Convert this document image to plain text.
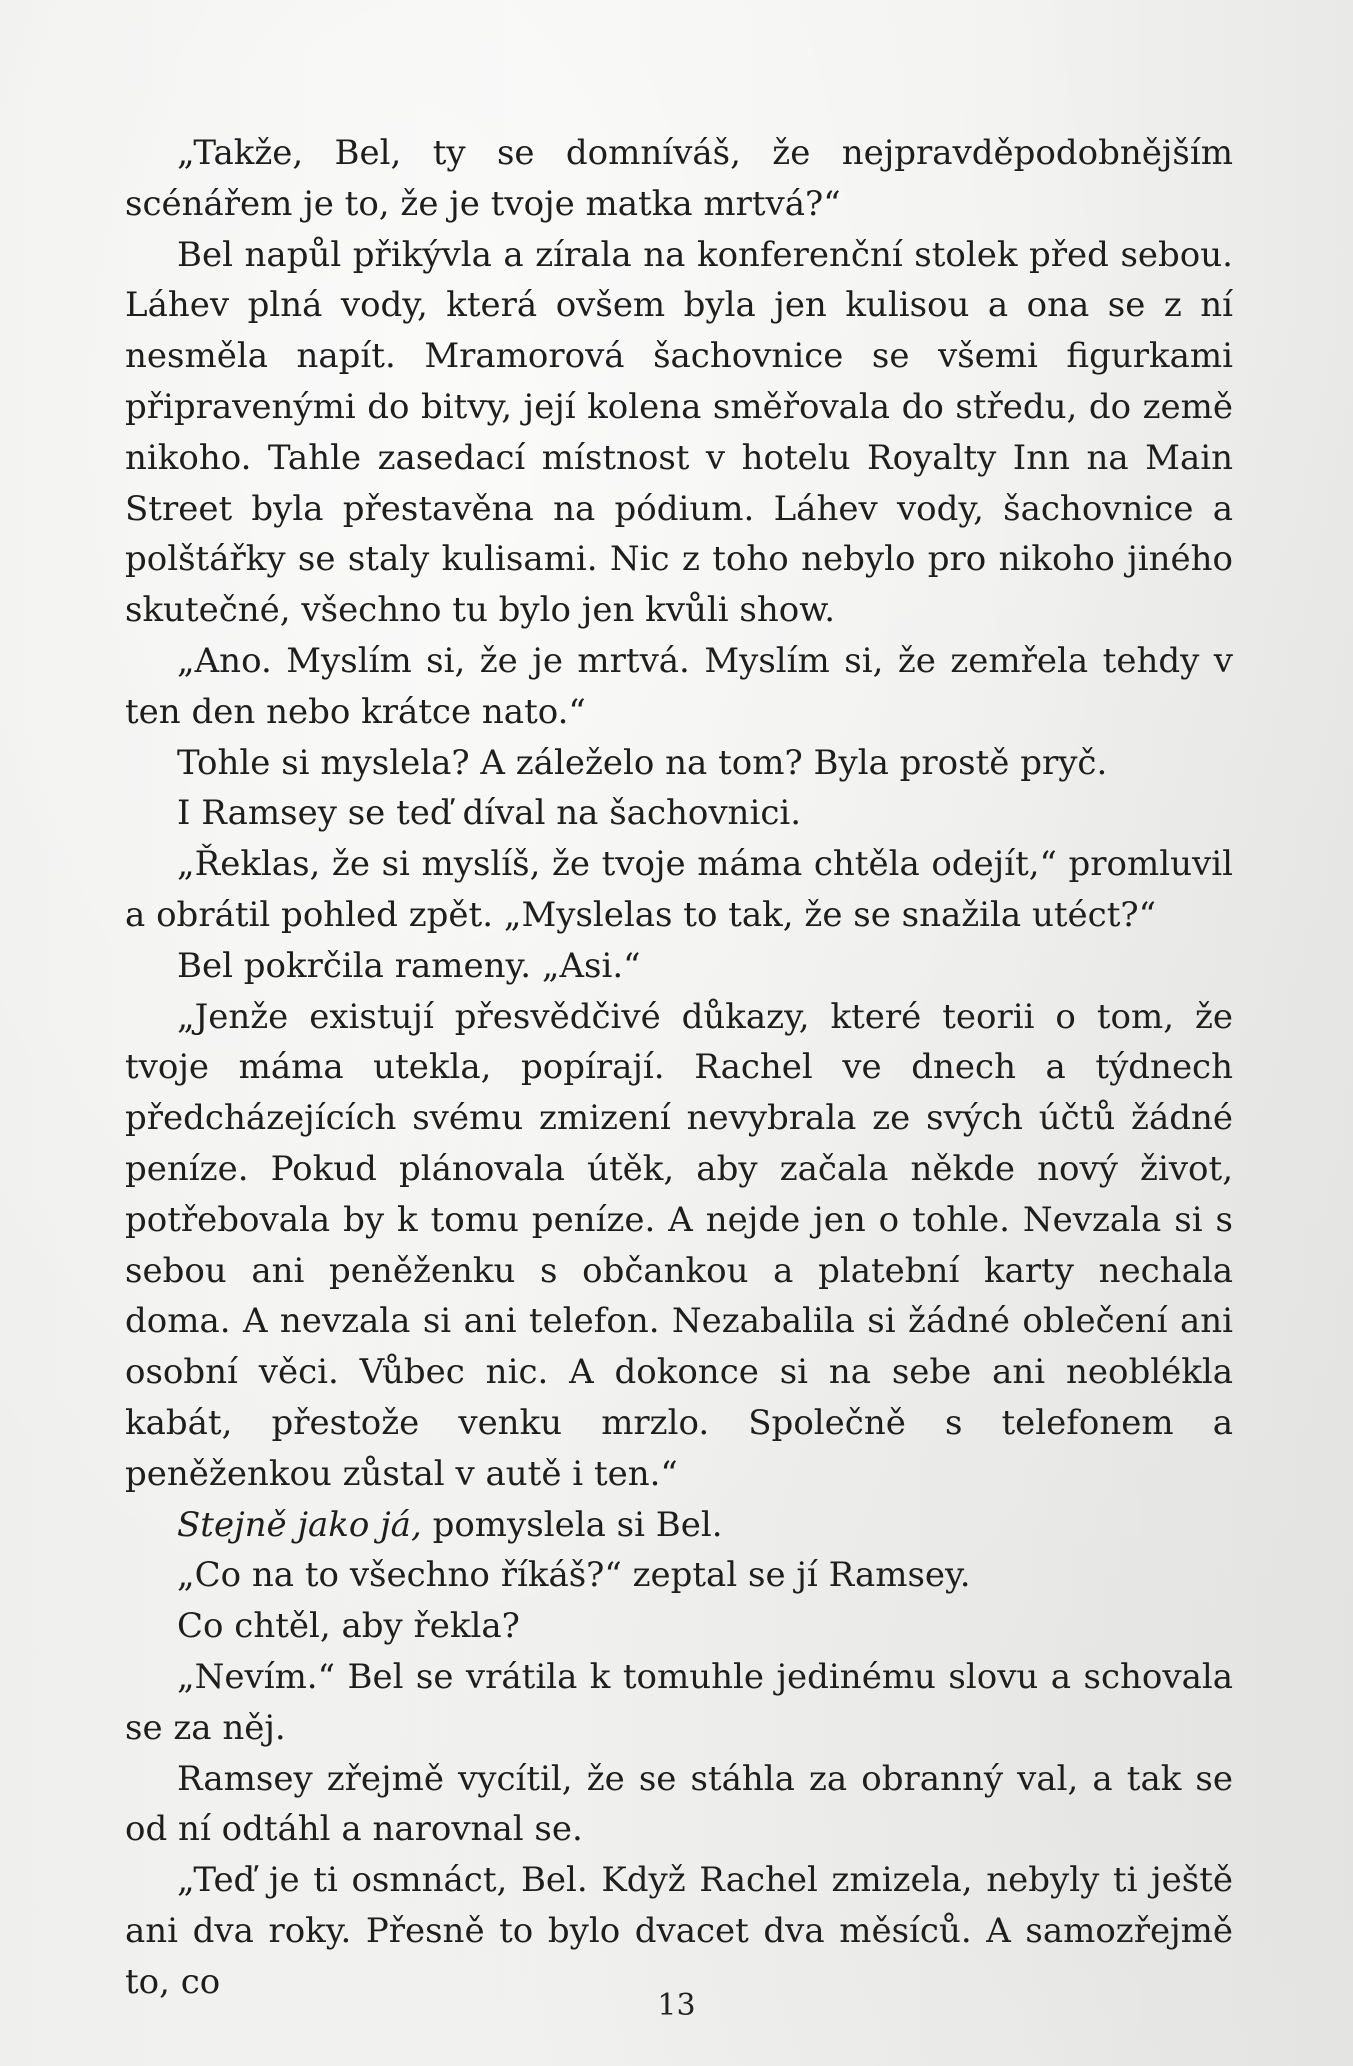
„Takže, Bel, ty se domníváš, že nejpravděpodobnějším scénářem je to, že je tvoje matka mrtvá?“

Bel napůl přikývla a zírala na konferenční stolek před sebou. Láhev plná vody, která ovšem byla jen kulisou a ona se z ní nesměla napít. Mramorová šachovnice se všemi figurkami připravenými do bitvy, její kolena směřovala do středu, do země nikoho. Tahle zasedací místnost v hotelu Royalty Inn na Main Street byla přestavěna na pódium. Láhev vody, šachovnice a polštářky se staly kulisami. Nic z toho nebylo pro nikoho jiného skutečné, všechno tu bylo jen kvůli show.

„Ano. Myslím si, že je mrtvá. Myslím si, že zemřela tehdy v ten den nebo krátce nato.“

Tohle si myslela? A záleželo na tom? Byla prostě pryč.

I Ramsey se teď díval na šachovnici.

„Řeklas, že si myslíš, že tvoje máma chtěla odejít,“ promluvil a obrátil pohled zpět. „Myslelas to tak, že se snažila utéct?“

Bel pokrčila rameny. „Asi.“

„Jenže existují přesvědčivé důkazy, které teorii o tom, že tvoje máma utekla, popírají. Rachel ve dnech a týdnech předcházejících svému zmizení nevybrala ze svých účtů žádné peníze. Pokud plánovala útěk, aby začala někde nový život, potřebovala by k tomu peníze. A nejde jen o tohle. Nevzala si s sebou ani peněženku s občankou a platební karty nechala doma. A nevzala si ani telefon. Nezabalila si žádné oblečení ani osobní věci. Vůbec nic. A dokonce si na sebe ani neoblékla kabát, přestože venku mrzlo. Společně s telefonem a peněženkou zůstal v autě i ten.“

Stejně jako já, pomyslela si Bel.

„Co na to všechno říkáš?“ zeptal se jí Ramsey.

Co chtěl, aby řekla?

„Nevím.“ Bel se vrátila k tomuhle jedinému slovu a schovala se za něj.

Ramsey zřejmě vycítil, že se stáhla za obranný val, a tak se od ní odtáhl a narovnal se.

„Teď je ti osmnáct, Bel. Když Rachel zmizela, nebyly ti ještě ani dva roky. Přesně to bylo dvacet dva měsíců. A samozřejmě to, co

13
